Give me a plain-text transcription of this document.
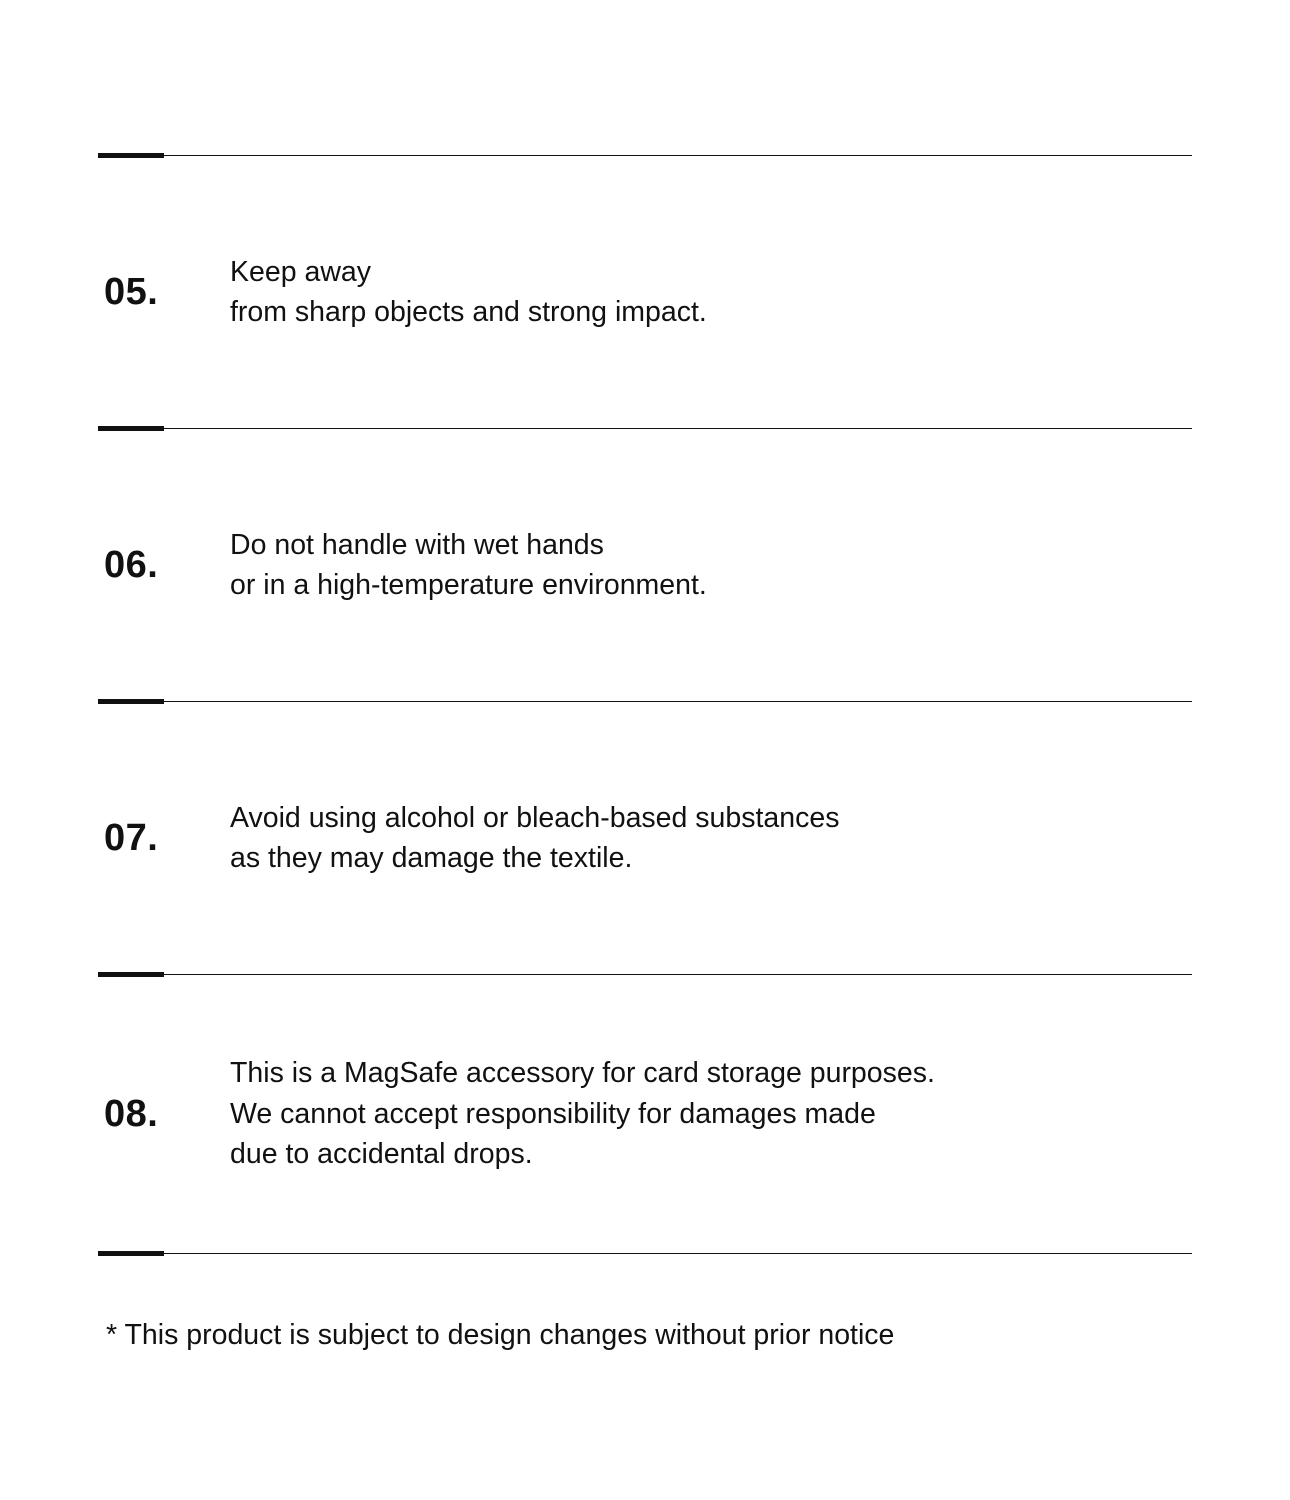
05.	Keep away
from sharp objects and strong impact.
06.	Do not handle with wet hands
or in a high-temperature environment.
07.	Avoid using alcohol or bleach-based substances
as they may damage the textile.
08.
This is a MagSafe accessory for card storage purposes.
We cannot accept responsibility for damages made
due to accidental drops.
* This product is subject to design changes without prior notice
